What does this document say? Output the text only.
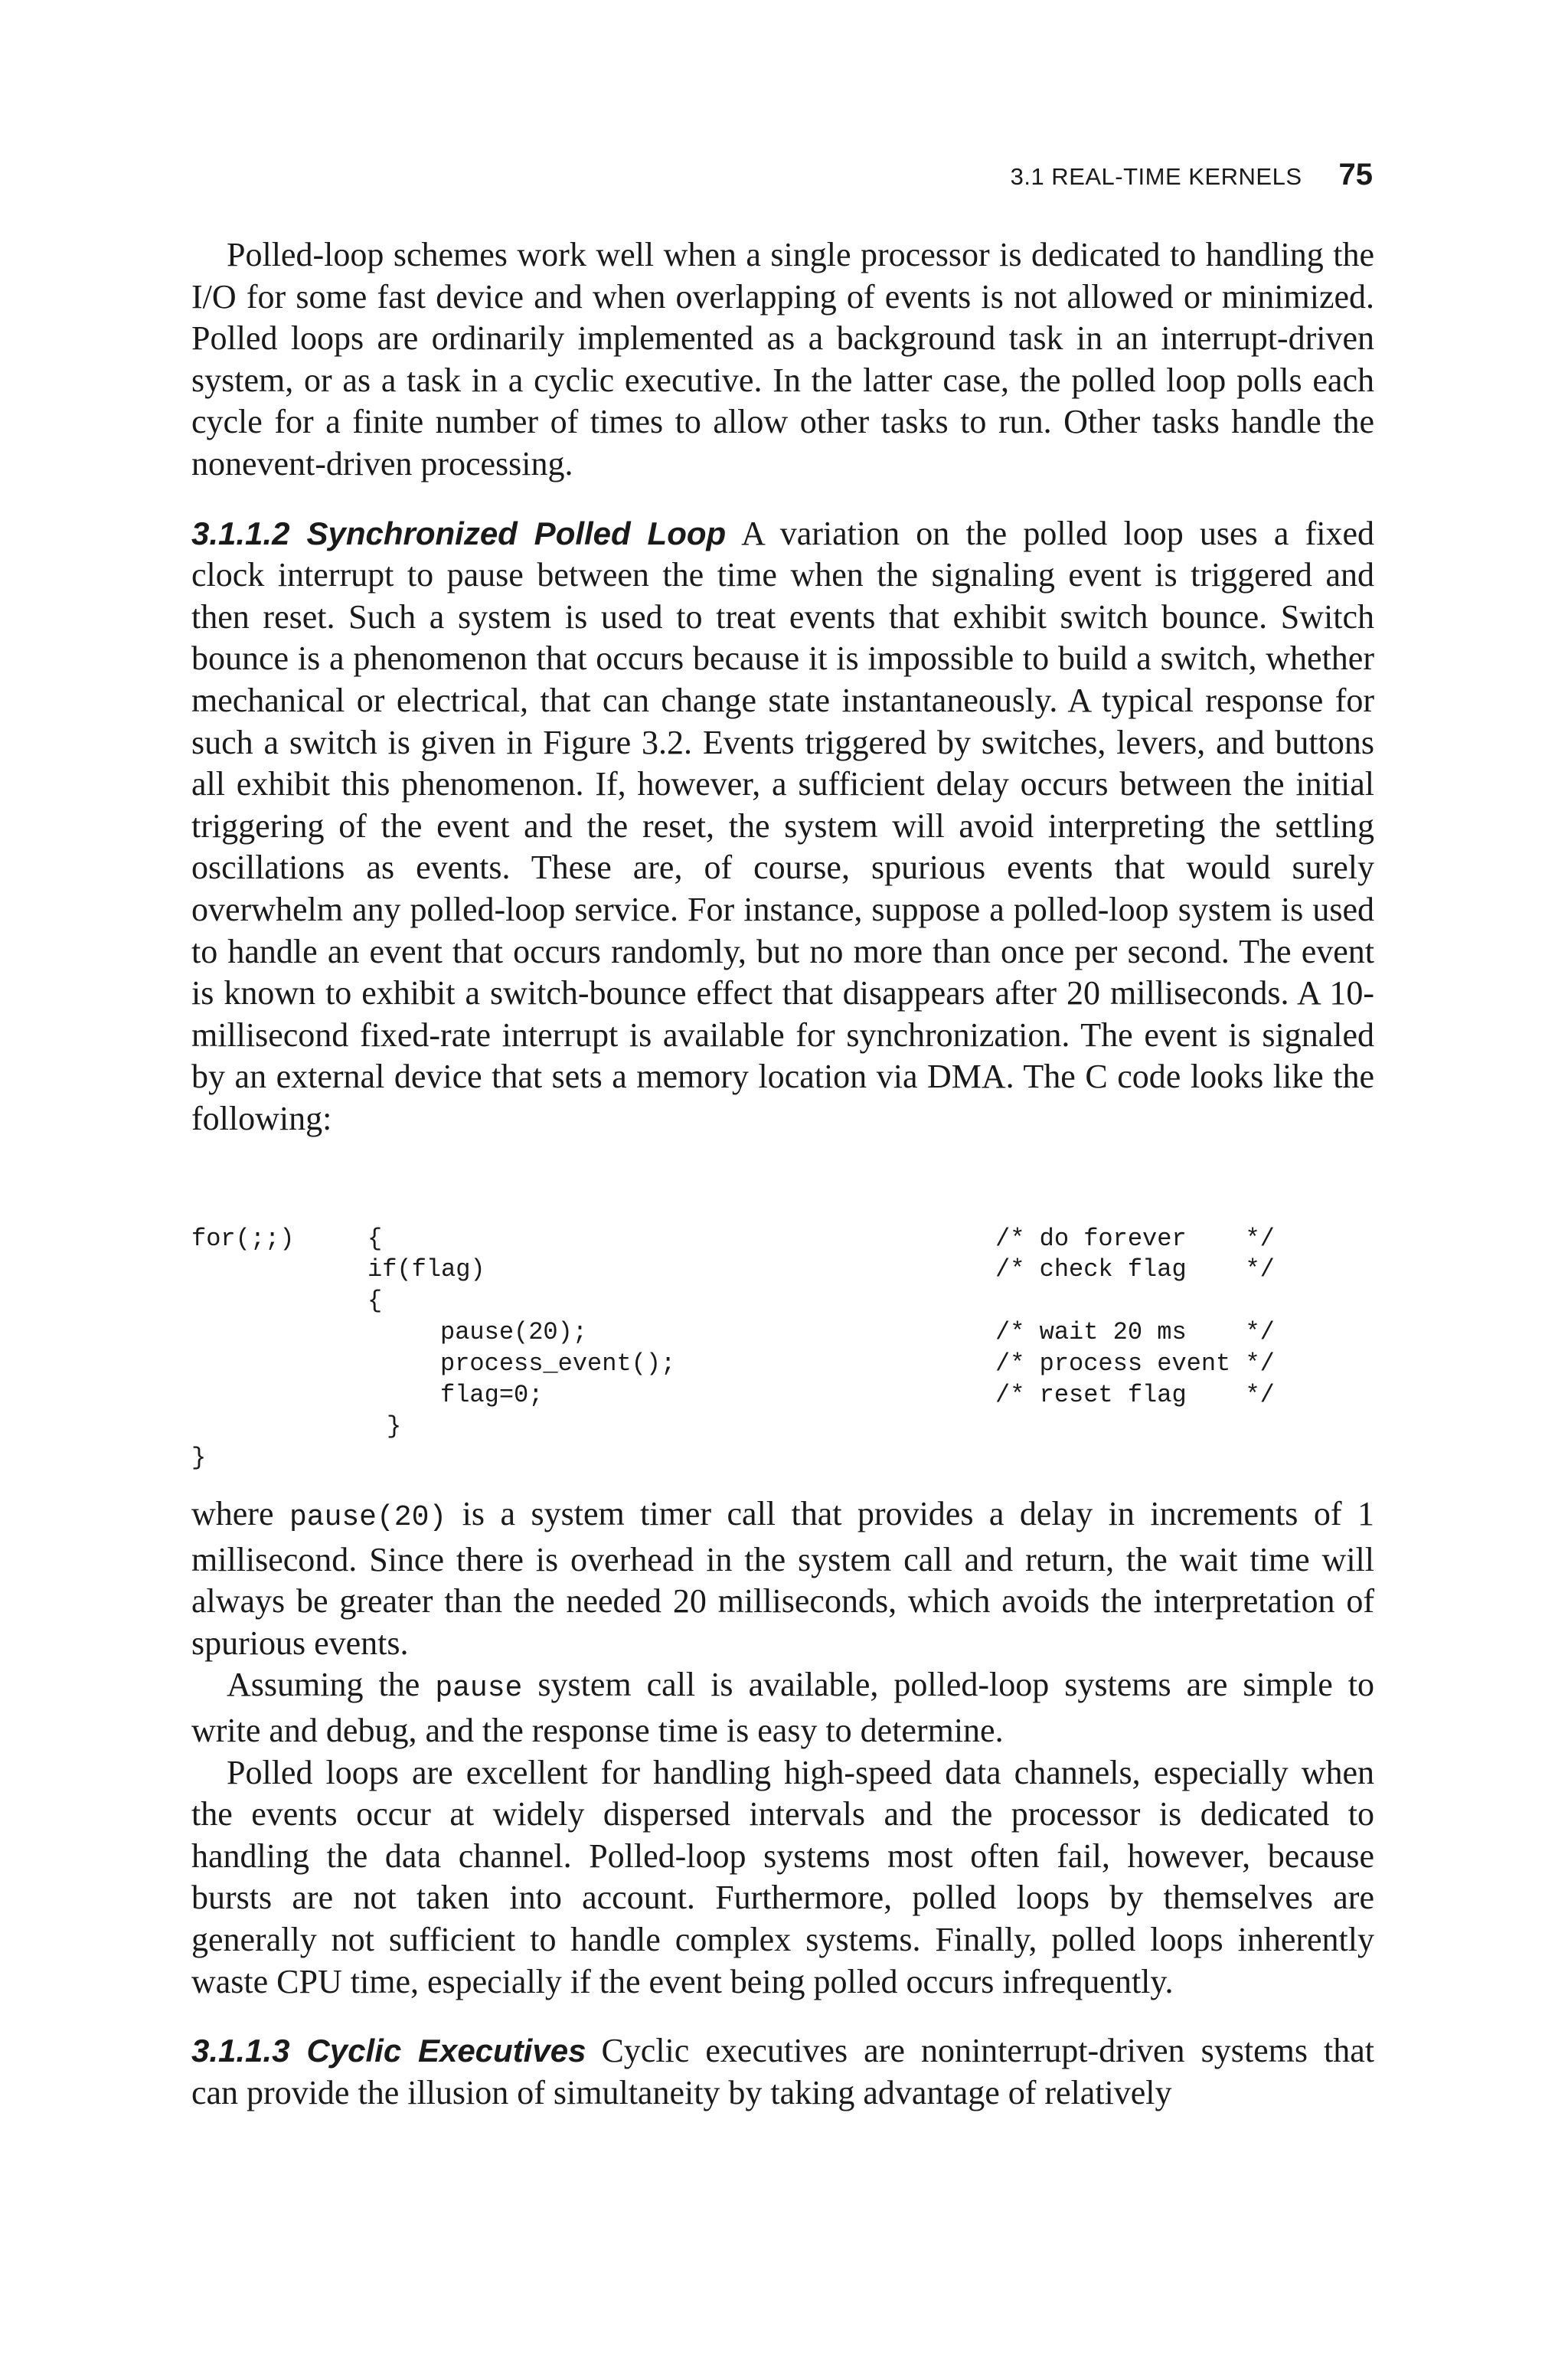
3.1 REAL-TIME KERNELS 75

Polled-loop schemes work well when a single processor is dedicated to handling the I/O for some fast device and when overlapping of events is not allowed or minimized. Polled loops are ordinarily implemented as a background task in an interrupt-driven system, or as a task in a cyclic executive. In the latter case, the polled loop polls each cycle for a finite number of times to allow other tasks to run. Other tasks handle the nonevent-driven processing.

3.1.1.2 Synchronized Polled Loop A variation on the polled loop uses a fixed clock interrupt to pause between the time when the signaling event is triggered and then reset. Such a system is used to treat events that exhibit switch bounce. Switch bounce is a phenomenon that occurs because it is impossible to build a switch, whether mechanical or electrical, that can change state instantaneously. A typical response for such a switch is given in Figure 3.2. Events triggered by switches, levers, and buttons all exhibit this phenomenon. If, however, a sufficient delay occurs between the initial triggering of the event and the reset, the system will avoid interpreting the settling oscillations as events. These are, of course, spurious events that would surely overwhelm any polled-loop service. For instance, suppose a polled-loop system is used to handle an event that occurs randomly, but no more than once per second. The event is known to exhibit a switch-bounce effect that disappears after 20 milliseconds. A 10-millisecond fixed-rate interrupt is available for synchronization. The event is signaled by an external device that sets a memory location via DMA. The C code looks like the following:

for(;;)	{	/* do forever    */
if(flag)	/* check flag    */
{
pause(20);	/* wait 20 ms    */
process_event();	/* process event */
flag=0;	/* reset flag    */
}
}

where pause(20) is a system timer call that provides a delay in increments of 1 millisecond. Since there is overhead in the system call and return, the wait time will always be greater than the needed 20 milliseconds, which avoids the interpretation of spurious events.

Assuming the pause system call is available, polled-loop systems are simple to write and debug, and the response time is easy to determine.

Polled loops are excellent for handling high-speed data channels, especially when the events occur at widely dispersed intervals and the processor is dedicated to handling the data channel. Polled-loop systems most often fail, however, because bursts are not taken into account. Furthermore, polled loops by themselves are generally not sufficient to handle complex systems. Finally, polled loops inherently waste CPU time, especially if the event being polled occurs infrequently.

3.1.1.3 Cyclic Executives Cyclic executives are noninterrupt-driven systems that can provide the illusion of simultaneity by taking advantage of relatively
